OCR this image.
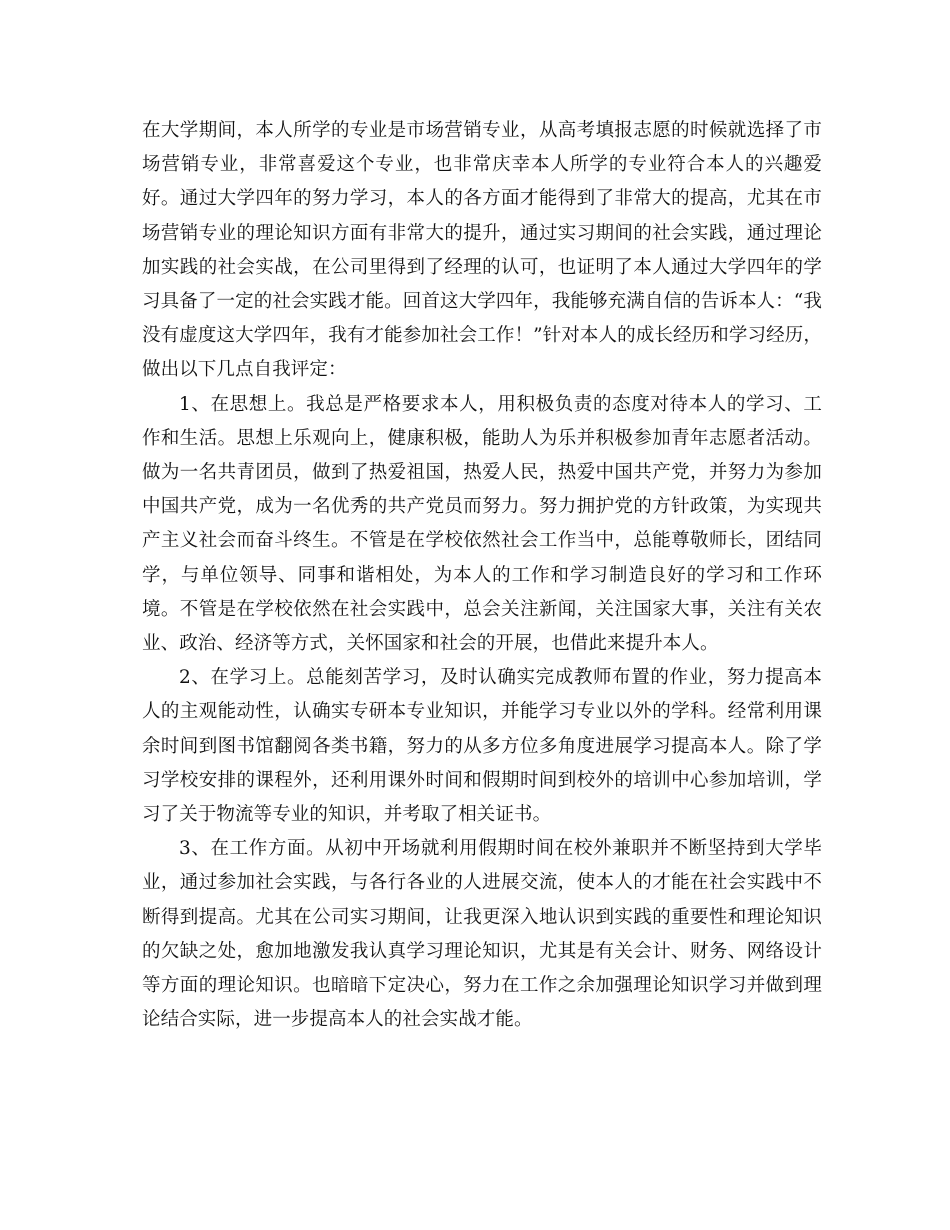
在大学期间，本人所学的专业是市场营销专业，从高考填报志愿的时候就选择了市场营销专业，非常喜爱这个专业，也非常庆幸本人所学的专业符合本人的兴趣爱好。通过大学四年的努力学习，本人的各方面才能得到了非常大的提高，尤其在市场营销专业的理论知识方面有非常大的提升，通过实习期间的社会实践，通过理论加实践的社会实战，在公司里得到了经理的认可，也证明了本人通过大学四年的学习具备了一定的社会实践才能。回首这大学四年，我能够充满自信的告诉本人：“我没有虚度这大学四年，我有才能参加社会工作！”针对本人的成长经历和学习经历，做出以下几点自我评定：

1、在思想上。我总是严格要求本人，用积极负责的态度对待本人的学习、工作和生活。思想上乐观向上，健康积极，能助人为乐并积极参加青年志愿者活动。做为一名共青团员，做到了热爱祖国，热爱人民，热爱中国共产党，并努力为参加中国共产党，成为一名优秀的共产党员而努力。努力拥护党的方针政策，为实现共产主义社会而奋斗终生。不管是在学校依然社会工作当中，总能尊敬师长，团结同学，与单位领导、同事和谐相处，为本人的工作和学习制造良好的学习和工作环境。不管是在学校依然在社会实践中，总会关注新闻，关注国家大事，关注有关农业、政治、经济等方式，关怀国家和社会的开展，也借此来提升本人。

2、在学习上。总能刻苦学习，及时认确实完成教师布置的作业，努力提高本人的主观能动性，认确实专研本专业知识，并能学习专业以外的学科。经常利用课余时间到图书馆翻阅各类书籍，努力的从多方位多角度进展学习提高本人。除了学习学校安排的课程外，还利用课外时间和假期时间到校外的培训中心参加培训，学习了关于物流等专业的知识，并考取了相关证书。

3、在工作方面。从初中开场就利用假期时间在校外兼职并不断坚持到大学毕业，通过参加社会实践，与各行各业的人进展交流，使本人的才能在社会实践中不断得到提高。尤其在公司实习期间，让我更深入地认识到实践的重要性和理论知识的欠缺之处，愈加地激发我认真学习理论知识，尤其是有关会计、财务、网络设计等方面的理论知识。也暗暗下定决心，努力在工作之余加强理论知识学习并做到理论结合实际，进一步提高本人的社会实战才能。
